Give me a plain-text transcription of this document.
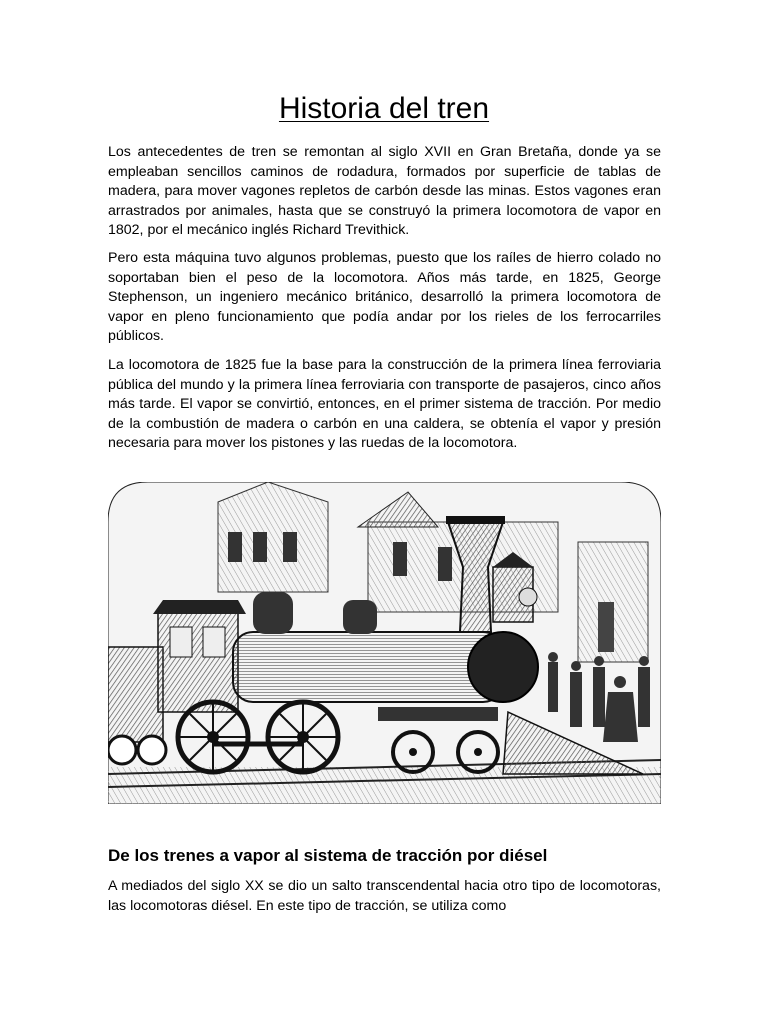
Historia del tren

Los antecedentes de tren se remontan al siglo XVII en Gran Bretaña, donde ya se empleaban sencillos caminos de rodadura, formados por superficie de tablas de madera, para mover vagones repletos de carbón desde las minas. Estos vagones eran arrastrados por animales, hasta que se construyó la primera locomotora de vapor en 1802, por el mecánico inglés Richard Trevithick.

Pero esta máquina tuvo algunos problemas, puesto que los raíles de hierro colado no soportaban bien el peso de la locomotora. Años más tarde, en 1825, George Stephenson, un ingeniero mecánico británico, desarrolló la primera locomotora de vapor en pleno funcionamiento que podía andar por los rieles de los ferrocarriles públicos.

La locomotora de 1825 fue la base para la construcción de la primera línea ferroviaria pública del mundo y la primera línea ferroviaria con transporte de pasajeros, cinco años más tarde. El vapor se convirtió, entonces, en el primer sistema de tracción. Por medio de la combustión de madera o carbón en una caldera, se obtenía el vapor y presión necesaria para mover los pistones y las ruedas de la locomotora.

De los trenes a vapor al sistema de tracción por diésel

A mediados del siglo XX se dio un salto transcendental hacia otro tipo de locomotoras, las locomotoras diésel. En este tipo de tracción, se utiliza como
